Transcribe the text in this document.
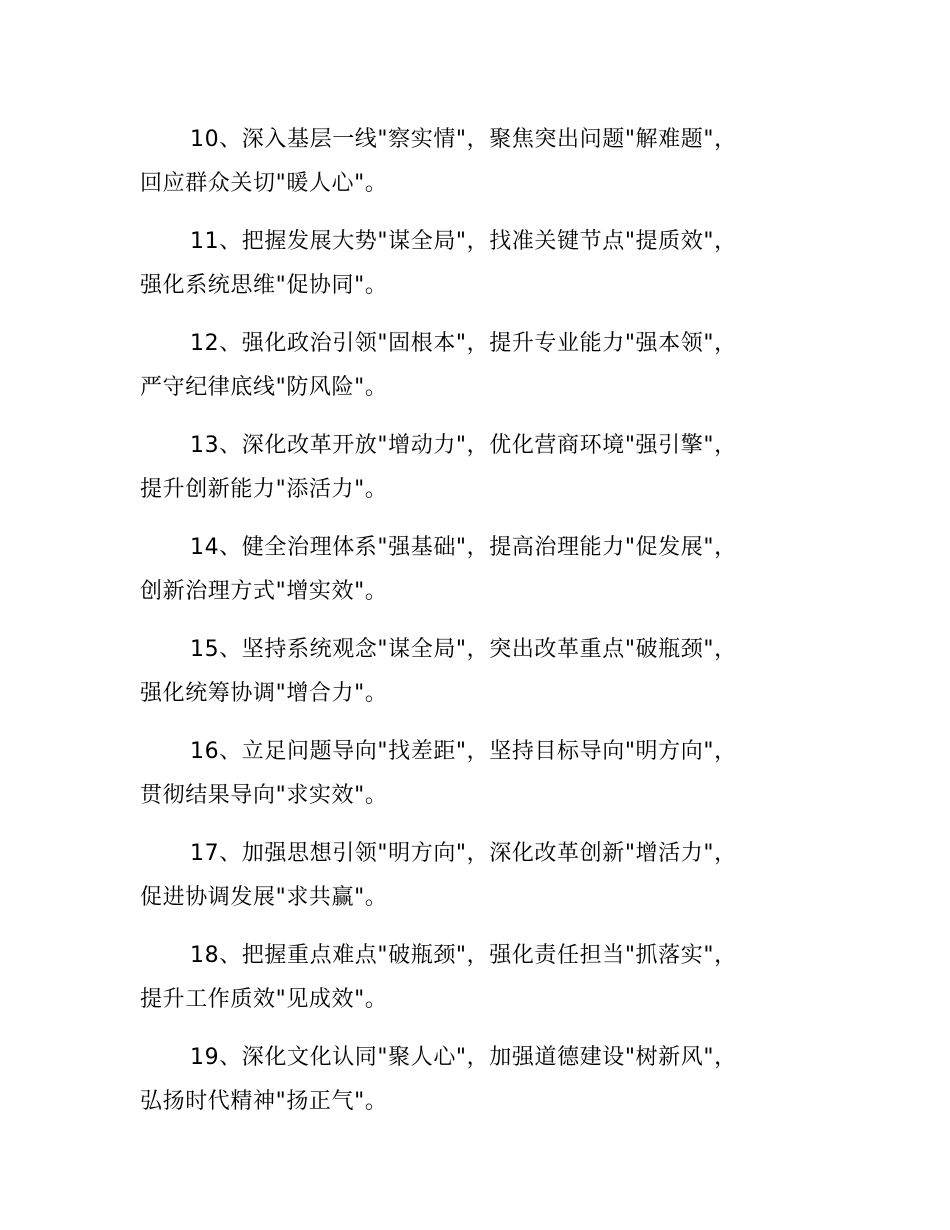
10、深入基层一线"察实情"，聚焦突出问题"解难题"，
回应群众关切"暖人心"。

11、把握发展大势"谋全局"，找准关键节点"提质效"，
强化系统思维"促协同"。

12、强化政治引领"固根本"，提升专业能力"强本领"，
严守纪律底线"防风险"。

13、深化改革开放"增动力"，优化营商环境"强引擎"，
提升创新能力"添活力"。

14、健全治理体系"强基础"，提高治理能力"促发展"，
创新治理方式"增实效"。

15、坚持系统观念"谋全局"，突出改革重点"破瓶颈"，
强化统筹协调"增合力"。

16、立足问题导向"找差距"，坚持目标导向"明方向"，
贯彻结果导向"求实效"。

17、加强思想引领"明方向"，深化改革创新"增活力"，
促进协调发展"求共赢"。

18、把握重点难点"破瓶颈"，强化责任担当"抓落实"，
提升工作质效"见成效"。

19、深化文化认同"聚人心"，加强道德建设"树新风"，
弘扬时代精神"扬正气"。
